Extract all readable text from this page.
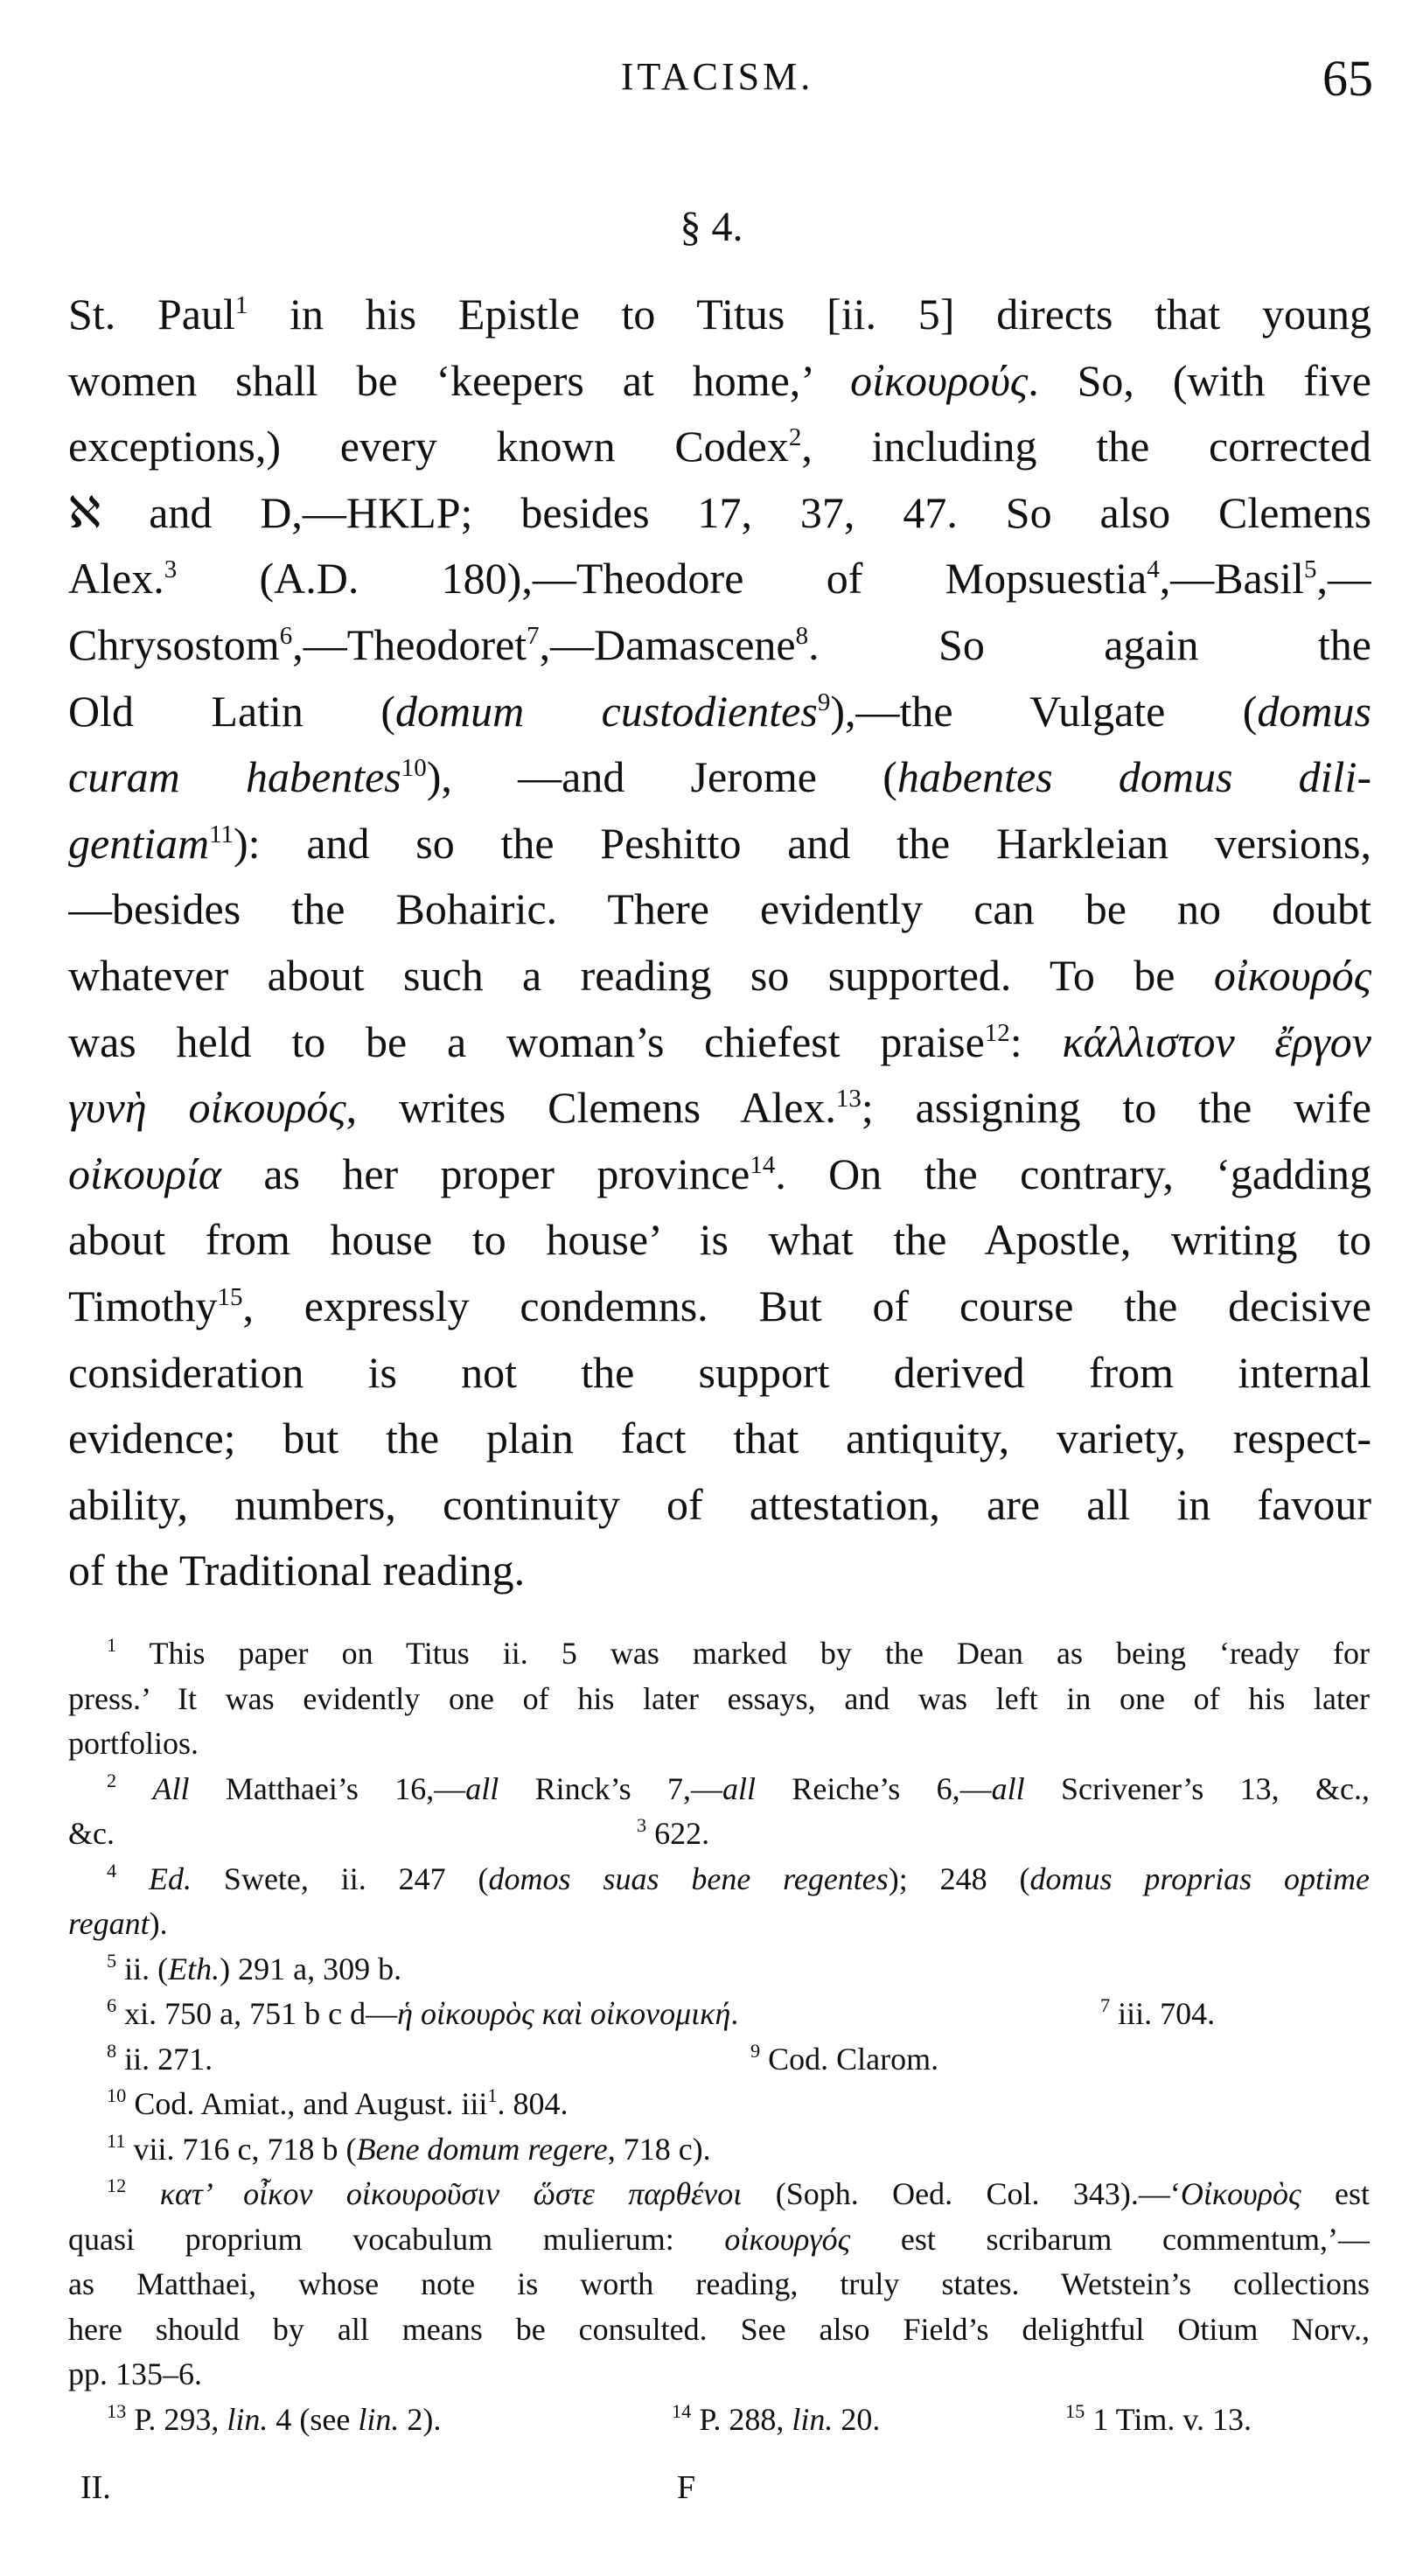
ITACISM.	65
§ 4.
St. Paul$^1$ in his Epistle to Titus [ii. 5] directs that young
women shall be ‘keepers at home,’ οἰκουρούς. So, (with five
exceptions,) every known Codex$^2$, including the corrected
ℵ and D,—HKLP; besides 17, 37, 47. So also Clemens
Alex.$^3$ (A.D. 180),—Theodore of Mopsuestia$^4$,—Basil$^5$,—
Chrysostom$^6$,—Theodoret$^7$,—Damascene$^8$. So again the
Old Latin (domum custodientes$^9$),—the Vulgate (domus
curam habentes$^{10}$), —and Jerome (habentes domus dili-
gentiam$^{11}$): and so the Peshitto and the Harkleian versions,
—besides the Bohairic. There evidently can be no doubt
whatever about such a reading so supported. To be οἰκουρός
was held to be a woman’s chiefest praise$^{12}$: κάλλιστον ἔργον
γυνὴ οἰκουρός, writes Clemens Alex.$^{13}$; assigning to the wife
οἰκουρία as her proper province$^{14}$. On the contrary, ‘gadding
about from house to house’ is what the Apostle, writing to
Timothy$^{15}$, expressly condemns. But of course the decisive
consideration is not the support derived from internal
evidence; but the plain fact that antiquity, variety, respect-
ability, numbers, continuity of attestation, are all in favour
of the Traditional reading.
$^1$ This paper on Titus ii. 5 was marked by the Dean as being ‘ready for
press.’ It was evidently one of his later essays, and was left in one of his later
portfolios.
$^2$ All Matthaei’s 16,—all Rinck’s 7,—all Reiche’s 6,—all Scrivener’s 13, &c.,
&c.	$^3$ 622.
$^4$ Ed. Swete, ii. 247 (domos suas bene regentes); 248 (domus proprias optime
regant).
$^5$ ii. (Eth.) 291 a, 309 b.
$^6$ xi. 750 a, 751 b c d—ἡ οἰκουρὸς καὶ οἰκονομική.	$^7$ iii. 704.
$^8$ ii. 271.	$^9$ Cod. Clarom.
$^{10}$ Cod. Amiat., and August. iii$^1$. 804.
$^{11}$ vii. 716 c, 718 b (Bene domum regere, 718 c).
$^{12}$ κατ’ οἶκον οἰκουροῦσιν ὥστε παρθένοι (Soph. Oed. Col. 343).—‘Οἰκουρὸς est
quasi proprium vocabulum mulierum: οἰκουργός est scribarum commentum,’—
as Matthaei, whose note is worth reading, truly states. Wetstein’s collections
here should by all means be consulted. See also Field’s delightful Otium Norv.,
pp. 135–6.
$^{13}$ P. 293, lin. 4 (see lin. 2).	$^{14}$ P. 288, lin. 20.	$^{15}$ 1 Tim. v. 13.
II.	F
